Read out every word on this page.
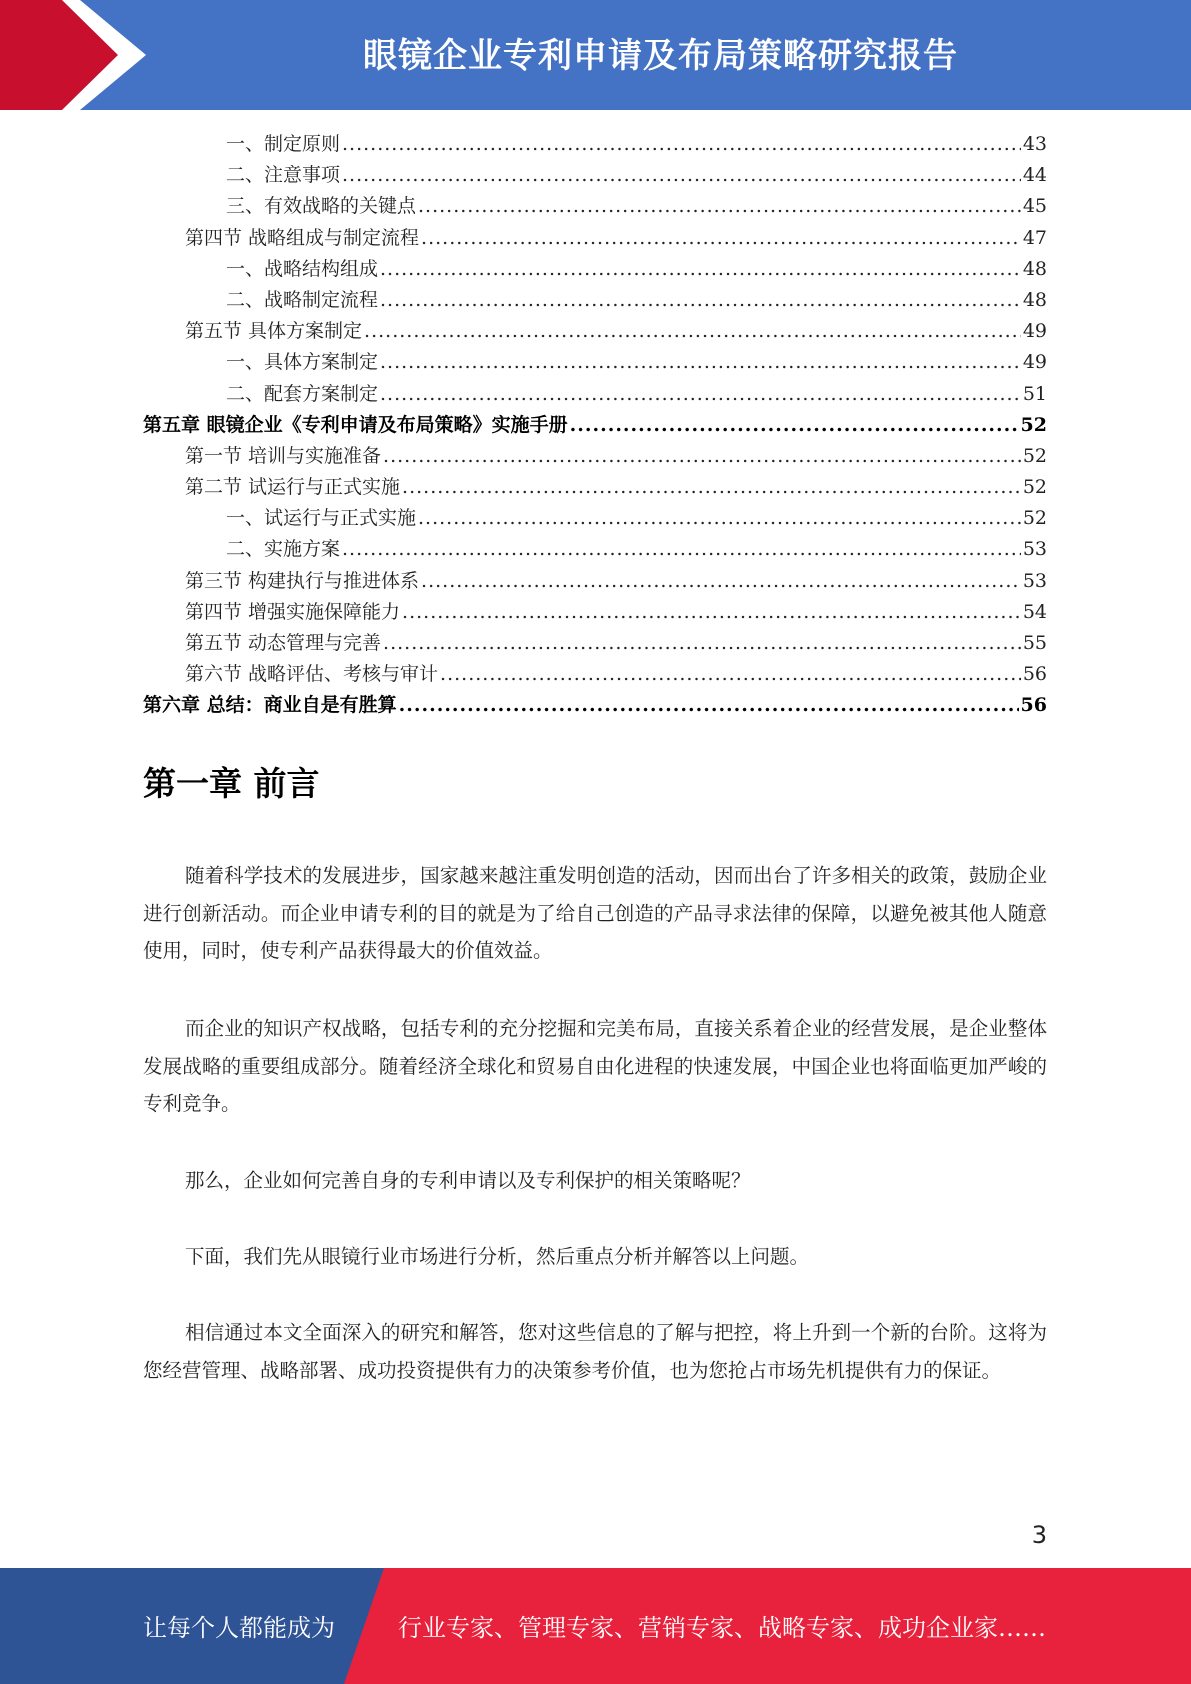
眼镜企业专利申请及布局策略研究报告
一、制定原则 .....	43
二、注意事项 .....	44
三、有效战略的关键点 .....	45
第四节 战略组成与制定流程 .....	47
一、战略结构组成 .....	48
二、战略制定流程 .....	48
第五节 具体方案制定 .....	49
一、具体方案制定 .....	49
二、配套方案制定 .....	51
第五章 眼镜企业《专利申请及布局策略》实施手册 .....	52
第一节 培训与实施准备 .....	52
第二节 试运行与正式实施 .....	52
一、试运行与正式实施 .....	52
二、实施方案 .....	53
第三节 构建执行与推进体系 .....	53
第四节 增强实施保障能力 .....	54
第五节 动态管理与完善 .....	55
第六节 战略评估、考核与审计 .....	56
第六章 总结：商业自是有胜算 .....	56
第一章 前言

随着科学技术的发展进步，国家越来越注重发明创造的活动，因而出台了许多相关的政策，鼓励企业进行创新活动。而企业申请专利的目的就是为了给自己创造的产品寻求法律的保障，以避免被其他人随意使用，同时，使专利产品获得最大的价值效益。

而企业的知识产权战略，包括专利的充分挖掘和完美布局，直接关系着企业的经营发展，是企业整体发展战略的重要组成部分。随着经济全球化和贸易自由化进程的快速发展，中国企业也将面临更加严峻的专利竞争。

那么，企业如何完善自身的专利申请以及专利保护的相关策略呢？

下面，我们先从眼镜行业市场进行分析，然后重点分析并解答以上问题。

相信通过本文全面深入的研究和解答，您对这些信息的了解与把控，将上升到一个新的台阶。这将为您经营管理、战略部署、成功投资提供有力的决策参考价值，也为您抢占市场先机提供有力的保证。

3
让每个人都能成为	行业专家、管理专家、营销专家、战略专家、成功企业家……
